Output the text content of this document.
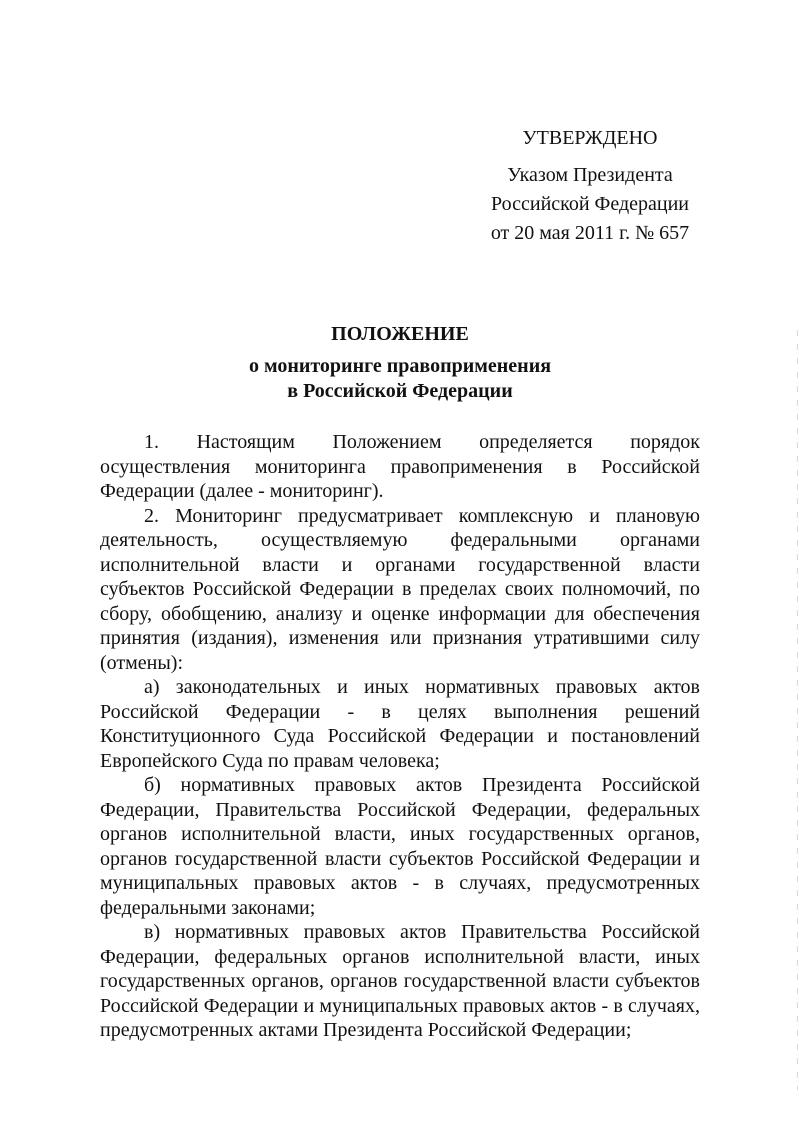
УТВЕРЖДЕНО
Указом Президента
Российской Федерации
от 20 мая 2011 г. № 657
ПОЛОЖЕНИЕ
о мониторинге правоприменения
в Российской Федерации

1. Настоящим Положением определяется порядок осуществления мониторинга правоприменения в Российской Федерации (далее - мониторинг).

2. Мониторинг предусматривает комплексную и плановую деятельность, осуществляемую федеральными органами исполнительной власти и органами государственной власти субъектов Российской Федерации в пределах своих полномочий, по сбору, обобщению, анализу и оценке информации для обеспечения принятия (издания), изменения или признания утратившими силу (отмены):

а) законодательных и иных нормативных правовых актов Российской Федерации - в целях выполнения решений Конституционного Суда Российской Федерации и постановлений Европейского Суда по правам человека;

б) нормативных правовых актов Президента Российской Федерации, Правительства Российской Федерации, федеральных органов исполнительной власти, иных государственных органов, органов государственной власти субъектов Российской Федерации и муниципальных правовых актов - в случаях, предусмотренных федеральными законами;

в) нормативных правовых актов Правительства Российской Федерации, федеральных органов исполнительной власти, иных государственных органов, органов государственной власти субъектов Российской Федерации и муниципальных правовых актов - в случаях, предусмотренных актами Президента Российской Федерации;
